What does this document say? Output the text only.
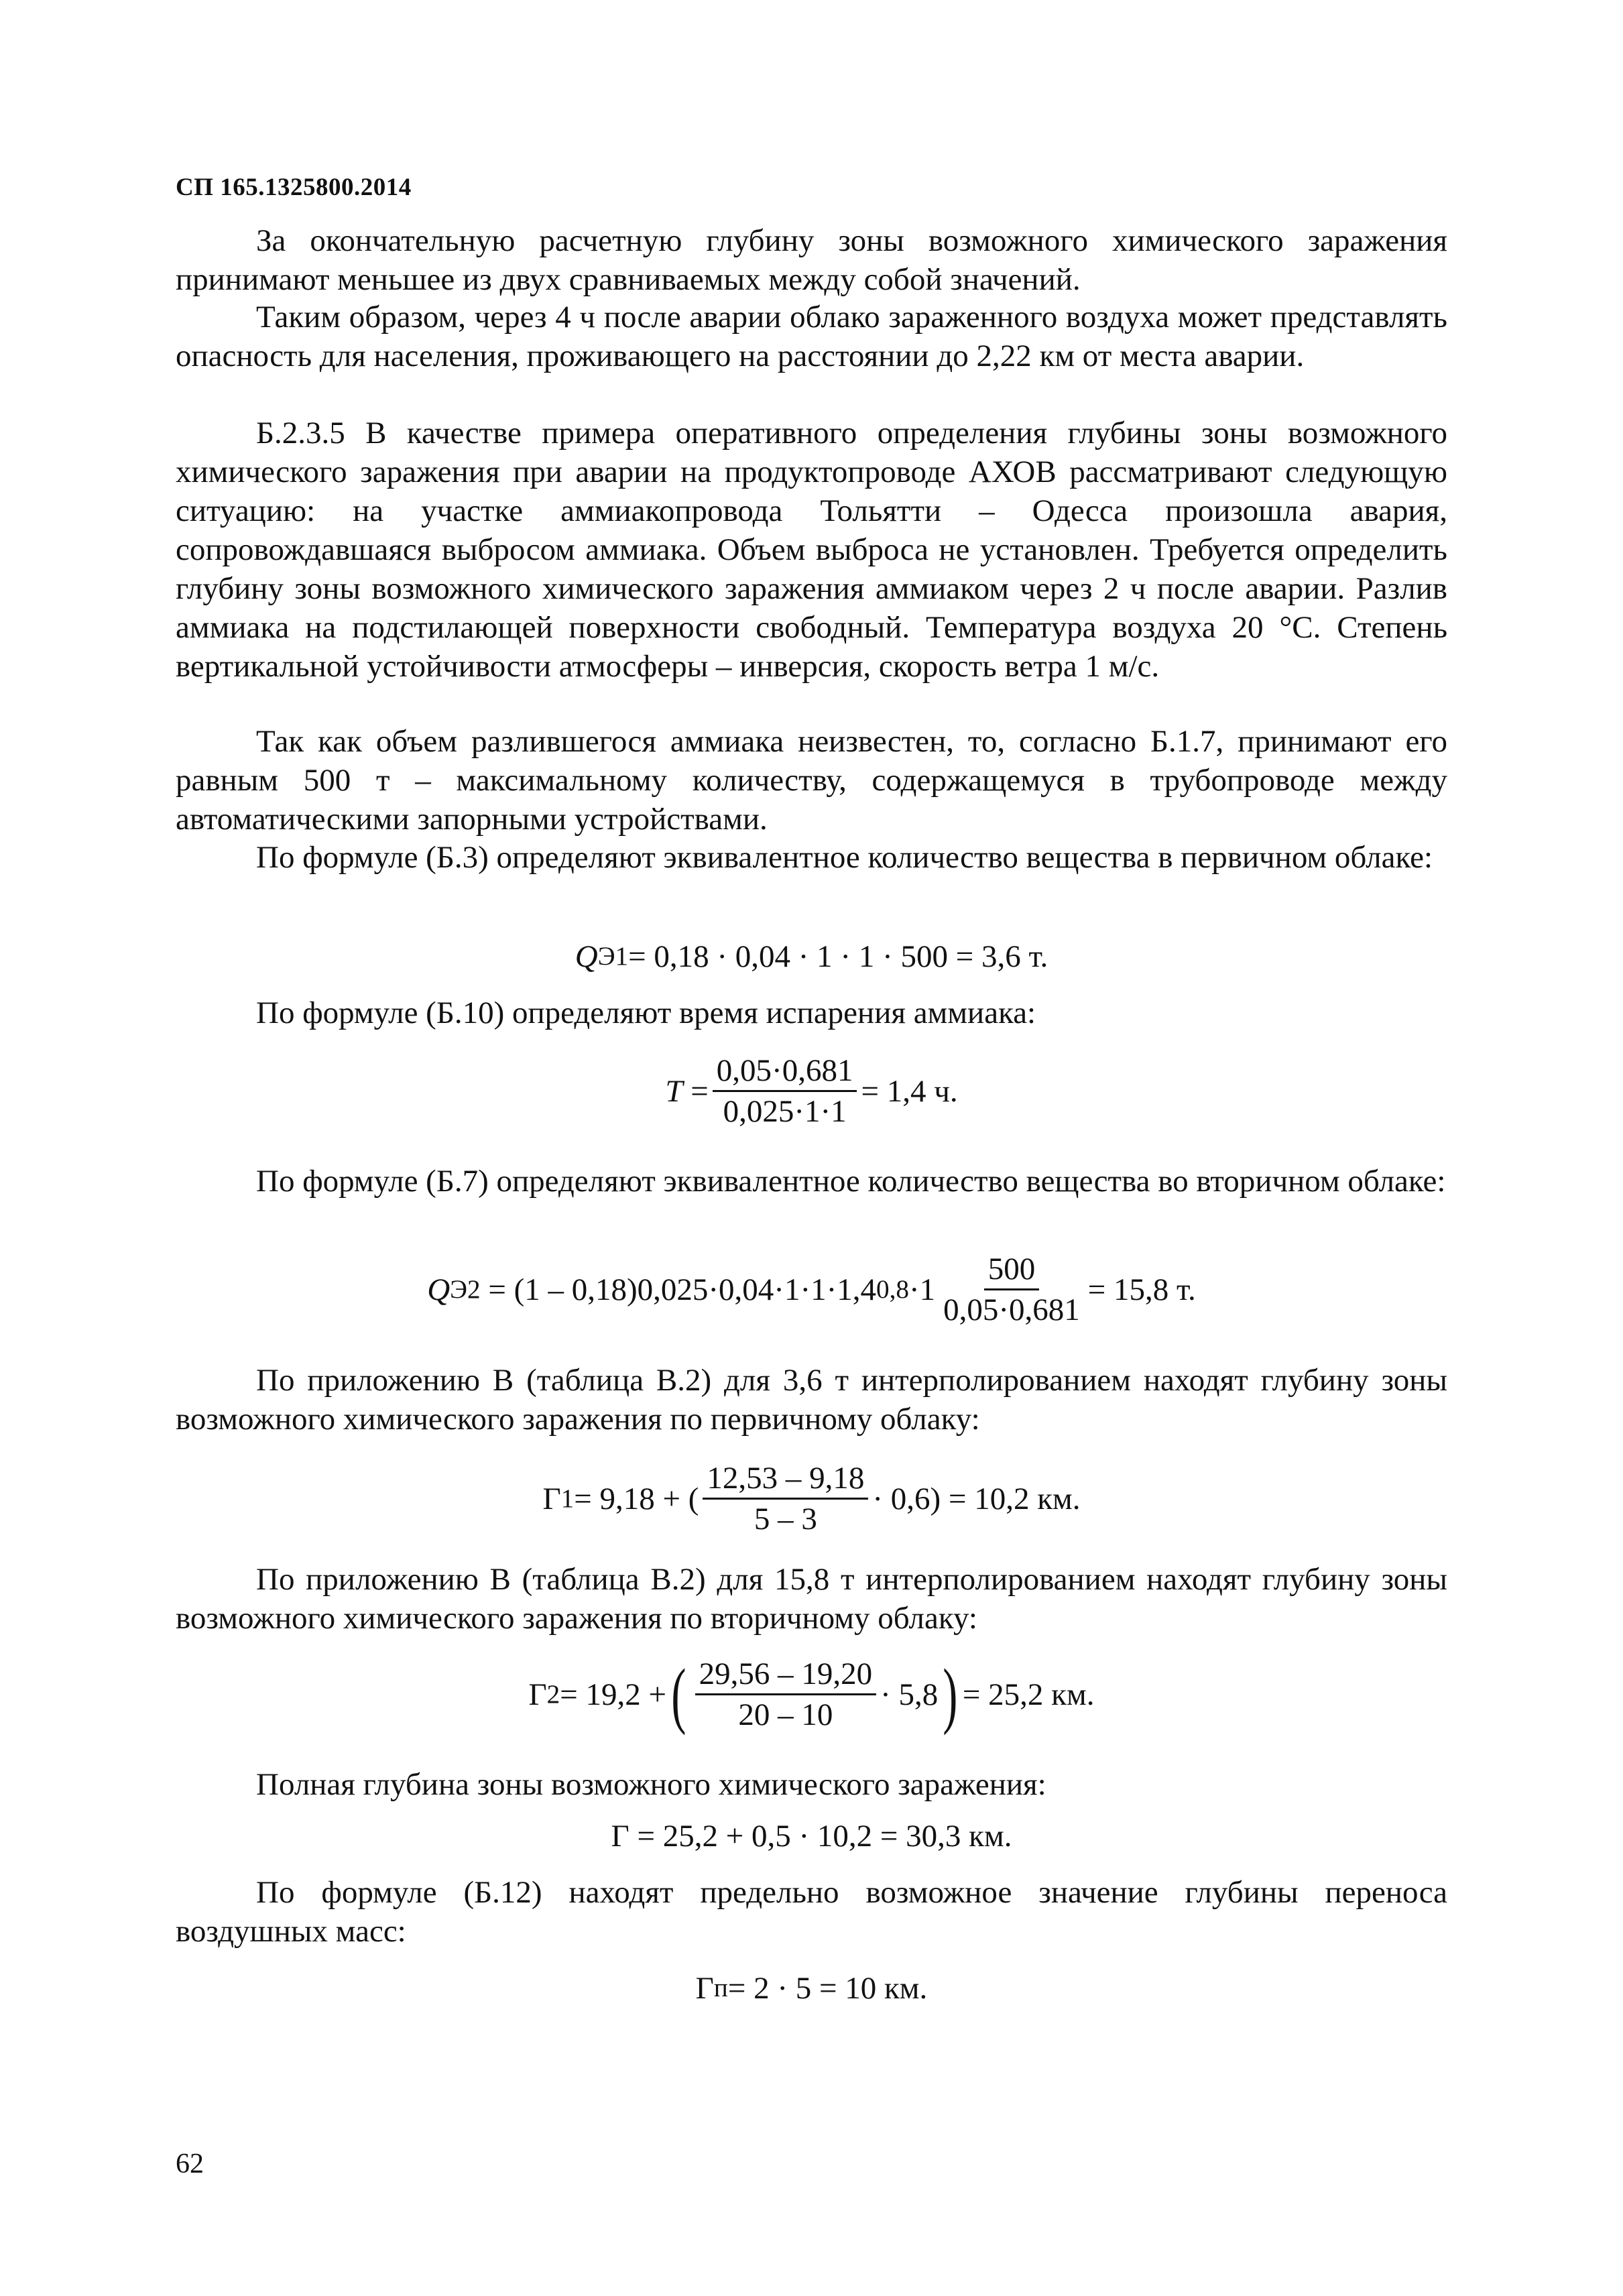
СП 165.1325800.2014

За окончательную расчетную глубину зоны возможного химического заражения принимают меньшее из двух сравниваемых между собой значений.

Таким образом, через 4 ч после аварии облако зараженного воздуха может представлять опасность для населения, проживающего на расстоянии до 2,22 км от места аварии.

Б.2.3.5 В качестве примера оперативного определения глубины зоны возможного химического заражения при аварии на продуктопроводе АХОВ рассматривают следующую ситуацию: на участке аммиакопровода Тольятти – Одесса произошла авария, сопровождавшаяся выбросом аммиака. Объем выброса не установлен. Требуется определить глубину зоны возможного химического заражения аммиаком через 2 ч после аварии. Разлив аммиака на подстилающей поверхности свободный. Температура воздуха 20 °С. Степень вертикальной устойчивости атмосферы – инверсия, скорость ветра 1 м/с.

Так как объем разлившегося аммиака неизвестен, то, согласно Б.1.7, принимают его равным 500 т – максимальному количеству, содержащемуся в трубопроводе между автоматическими запорными устройствами.

По формуле (Б.3) определяют эквивалентное количество вещества в первичном облаке:

Q Э1 = 0,18 · 0,04 · 1 · 1 · 500 = 3,6 т.

По формуле (Б.10) определяют время испарения аммиака:

$T = \frac{0,05\cdot 0,681}{0,025\cdot 1\cdot 1} = 1,4$ ч.

По формуле (Б.7) определяют эквивалентное количество вещества во вторичном облаке:

Q Э2
= (1 – 0,18)0,025·0,04·1·1·1,4 $0,8 \cdot 1 \frac{500}{0,05\cdot 0,681} = 15,8$ т.

По приложению В (таблица В.2) для 3,6 т интерполированием находят глубину зоны возможного химического заражения по первичному облаку:

Г 1 = 9,18 + ( $\frac{12,53 - 9,18}{5 - 3} \cdot 0,6) = 10,2$ км.

По приложению В (таблица В.2) для 15,8 т интерполированием находят глубину зоны возможного химического заражения по вторичному облаку:

Г 2 = 19,2 + ( $\frac{29,56 - 19,20}{20 - 10} \cdot 5,8$ ) = 25,2 км.

Полная глубина зоны возможного химического заражения:

Г = 25,2 + 0,5 · 10,2 = 30,3 км.

По формуле (Б.12) находят предельно возможное значение глубины переноса воздушных масс:

Г п = 2 · 5 = 10 км.
62
